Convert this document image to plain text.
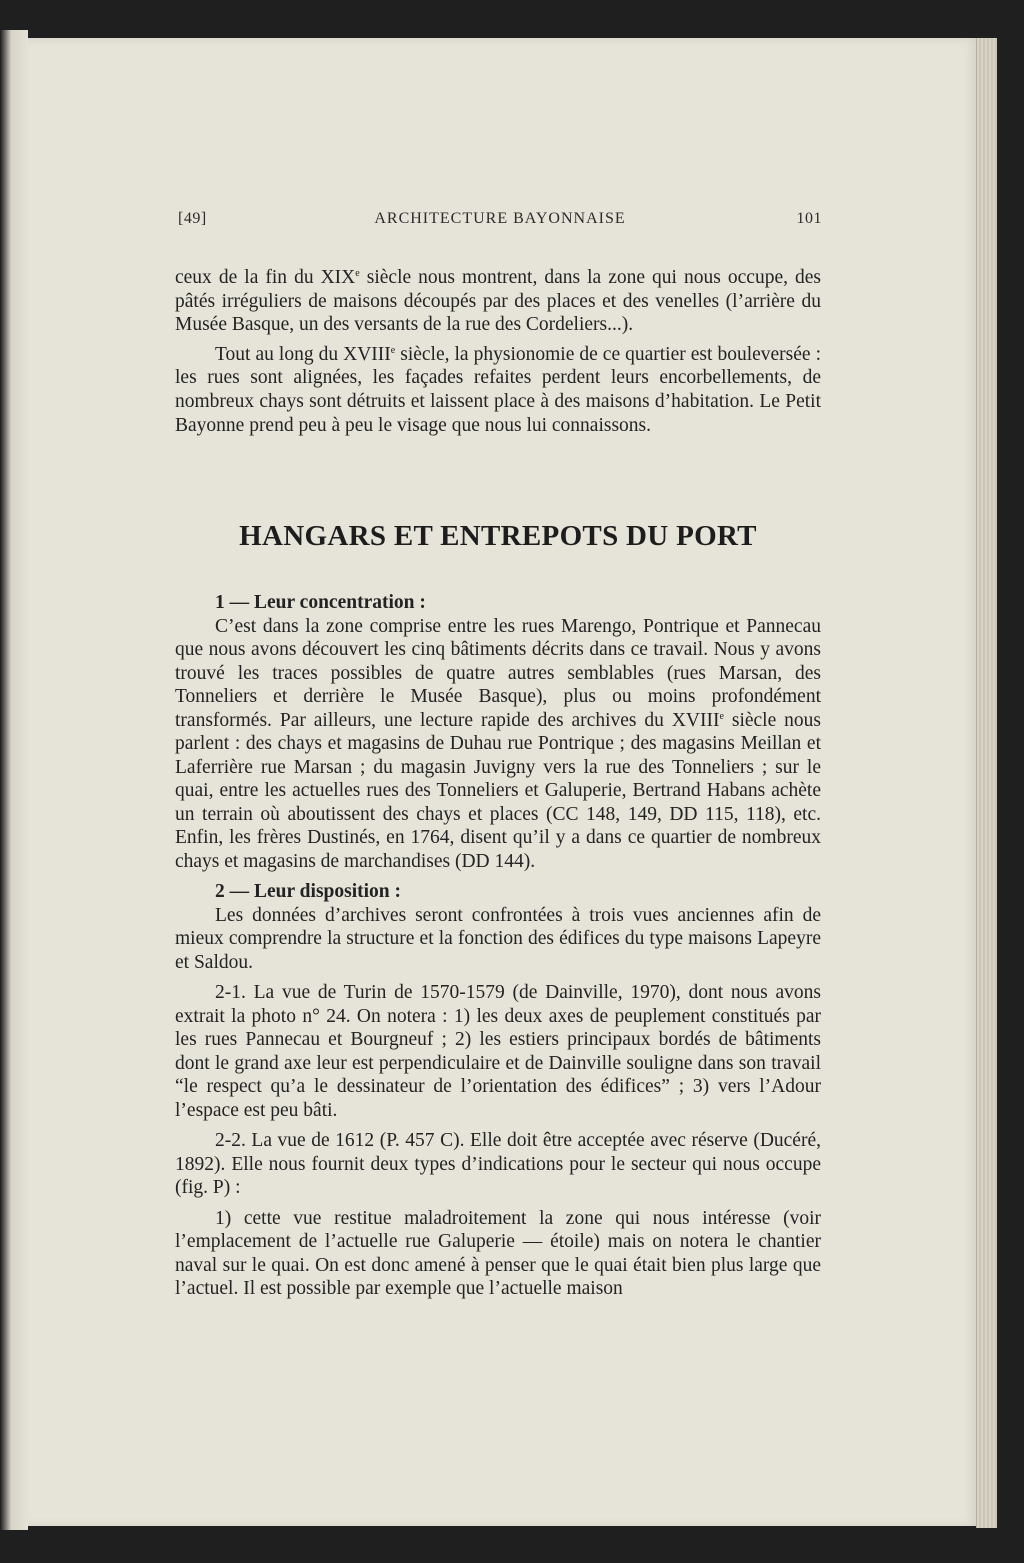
[49]	ARCHITECTURE BAYONNAISE	101

ceux de la fin du XIXe siècle nous montrent, dans la zone qui nous occupe, des pâtés irréguliers de maisons découpés par des places et des venelles (l’arrière du Musée Basque, un des versants de la rue des Cordeliers...).

Tout au long du XVIIIe siècle, la physionomie de ce quartier est bouleversée : les rues sont alignées, les façades refaites perdent leurs encorbellements, de nombreux chays sont détruits et laissent place à des maisons d’habitation. Le Petit Bayonne prend peu à peu le visage que nous lui connaissons.

HANGARS ET ENTREPOTS DU PORT

1 — Leur concentration :

C’est dans la zone comprise entre les rues Marengo, Pontrique et Pannecau que nous avons découvert les cinq bâtiments décrits dans ce travail. Nous y avons trouvé les traces possibles de quatre autres semblables (rues Marsan, des Tonneliers et derrière le Musée Basque), plus ou moins profondément transformés. Par ailleurs, une lecture rapide des archives du XVIIIe siècle nous parlent : des chays et magasins de Duhau rue Pontrique ; des magasins Meillan et Laferrière rue Marsan ; du magasin Juvigny vers la rue des Tonneliers ; sur le quai, entre les actuelles rues des Tonneliers et Galuperie, Bertrand Habans achète un terrain où aboutissent des chays et places (CC 148, 149, DD 115, 118), etc. Enfin, les frères Dustinés, en 1764, disent qu’il y a dans ce quartier de nombreux chays et magasins de marchandises (DD 144).

2 — Leur disposition :

Les données d’archives seront confrontées à trois vues anciennes afin de mieux comprendre la structure et la fonction des édifices du type maisons Lapeyre et Saldou.

2-1. La vue de Turin de 1570-1579 (de Dainville, 1970), dont nous avons extrait la photo n° 24. On notera : 1) les deux axes de peuplement constitués par les rues Pannecau et Bourgneuf ; 2) les estiers principaux bordés de bâtiments dont le grand axe leur est perpendiculaire et de Dainville souligne dans son travail “le respect qu’a le dessinateur de l’orientation des édifices” ; 3) vers l’Adour l’espace est peu bâti.

2-2. La vue de 1612 (P. 457 C). Elle doit être acceptée avec réserve (Ducéré, 1892). Elle nous fournit deux types d’indications pour le secteur qui nous occupe (fig. P) :

1) cette vue restitue maladroitement la zone qui nous intéresse (voir l’emplacement de l’actuelle rue Galuperie — étoile) mais on notera le chantier naval sur le quai. On est donc amené à penser que le quai était bien plus large que l’actuel. Il est possible par exemple que l’actuelle maison
